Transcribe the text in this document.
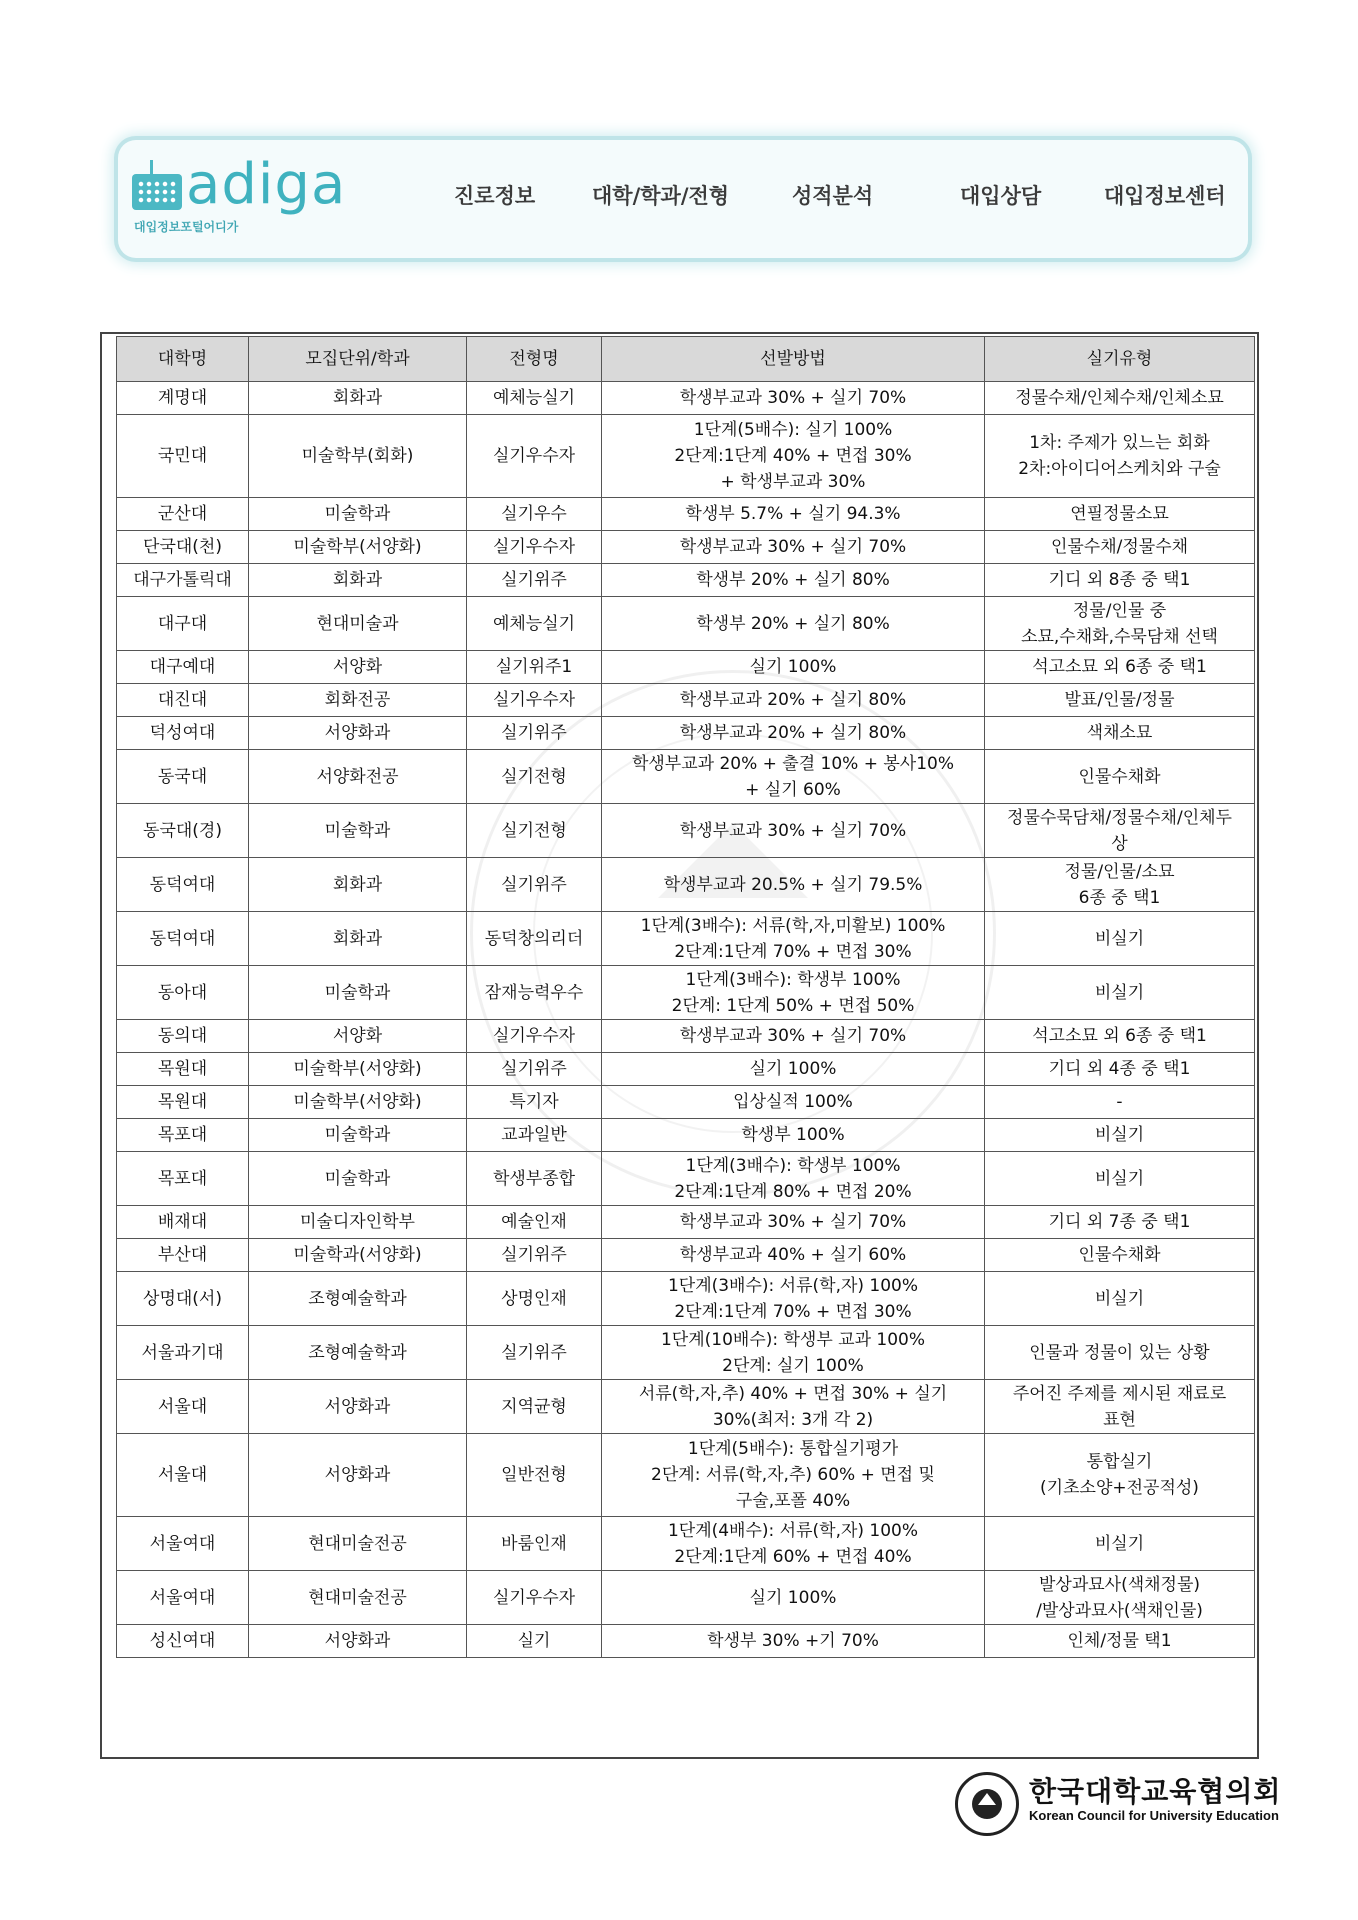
adiga
대입정보포털어디가
진로정보	대학/학과/전형	성적분석	대입상담	대입정보센터
대학명	모집단위/학과	전형명	선발방법	실기유형
계명대	회화과	예체능실기	학생부교과 30% + 실기 70%	정물수채/인체수채/인체소묘
국민대	미술학부(회화)	실기우수자	1단계(5배수): 실기 100%
2단계:1단계 40% + 면접 30%
+ 학생부교과 30%	1차: 주제가 있느는 회화
2차:아이디어스케치와 구술
군산대	미술학과	실기우수	학생부 5.7% + 실기 94.3%	연필정물소묘
단국대(천)	미술학부(서양화)	실기우수자	학생부교과 30% + 실기 70%	인물수채/정물수채
대구가톨릭대	회화과	실기위주	학생부 20% + 실기 80%	기디 외 8종 중 택1
대구대	현대미술과	예체능실기	학생부 20% + 실기 80%	정물/인물 중
소묘,수채화,수묵담채 선택
대구예대	서양화	실기위주1	실기 100%	석고소묘 외 6종 중 택1
대진대	회화전공	실기우수자	학생부교과 20% + 실기 80%	발표/인물/정물
덕성여대	서양화과	실기위주	학생부교과 20% + 실기 80%	색채소묘
동국대	서양화전공	실기전형	학생부교과 20% + 출결 10% + 봉사10%
+ 실기 60%	인물수채화
동국대(경)	미술학과	실기전형	학생부교과 30% + 실기 70%	정물수묵담채/정물수채/인체두
상
동덕여대	회화과	실기위주	학생부교과 20.5% + 실기 79.5%	정물/인물/소묘
6종 중 택1
동덕여대	회화과	동덕창의리더	1단계(3배수): 서류(학,자,미활보) 100%
2단계:1단계 70% + 면접 30%	비실기
동아대	미술학과	잠재능력우수	1단계(3배수): 학생부 100%
2단계: 1단계 50% + 면접 50%	비실기
동의대	서양화	실기우수자	학생부교과 30% + 실기 70%	석고소묘 외 6종 중 택1
목원대	미술학부(서양화)	실기위주	실기 100%	기디 외 4종 중 택1
목원대	미술학부(서양화)	특기자	입상실적 100%	-
목포대	미술학과	교과일반	학생부 100%	비실기
목포대	미술학과	학생부종합	1단계(3배수): 학생부 100%
2단계:1단계 80% + 면접 20%	비실기
배재대	미술디자인학부	예술인재	학생부교과 30% + 실기 70%	기디 외 7종 중 택1
부산대	미술학과(서양화)	실기위주	학생부교과 40% + 실기 60%	인물수채화
상명대(서)	조형예술학과	상명인재	1단계(3배수): 서류(학,자) 100%
2단계:1단계 70% + 면접 30%	비실기
서울과기대	조형예술학과	실기위주	1단계(10배수): 학생부 교과 100%
2단계: 실기 100%	인물과 정물이 있는 상황
서울대	서양화과	지역균형	서류(학,자,추) 40% + 면접 30% + 실기
30%(최저: 3개 각 2)	주어진 주제를 제시된 재료로
표현
서울대	서양화과	일반전형	1단계(5배수): 통합실기평가
2단계: 서류(학,자,추) 60% + 면접 및
구술,포폴 40%	통합실기
(기초소양+전공적성)
서울여대	현대미술전공	바룸인재	1단계(4배수): 서류(학,자) 100%
2단계:1단계 60% + 면접 40%	비실기
서울여대	현대미술전공	실기우수자	실기 100%	발상과묘사(색채정물)
/발상과묘사(색채인물)
성신여대	서양화과	실기	학생부 30% +기 70%	인체/정물 택1
한국대학교육협의회
Korean Council for University Education
